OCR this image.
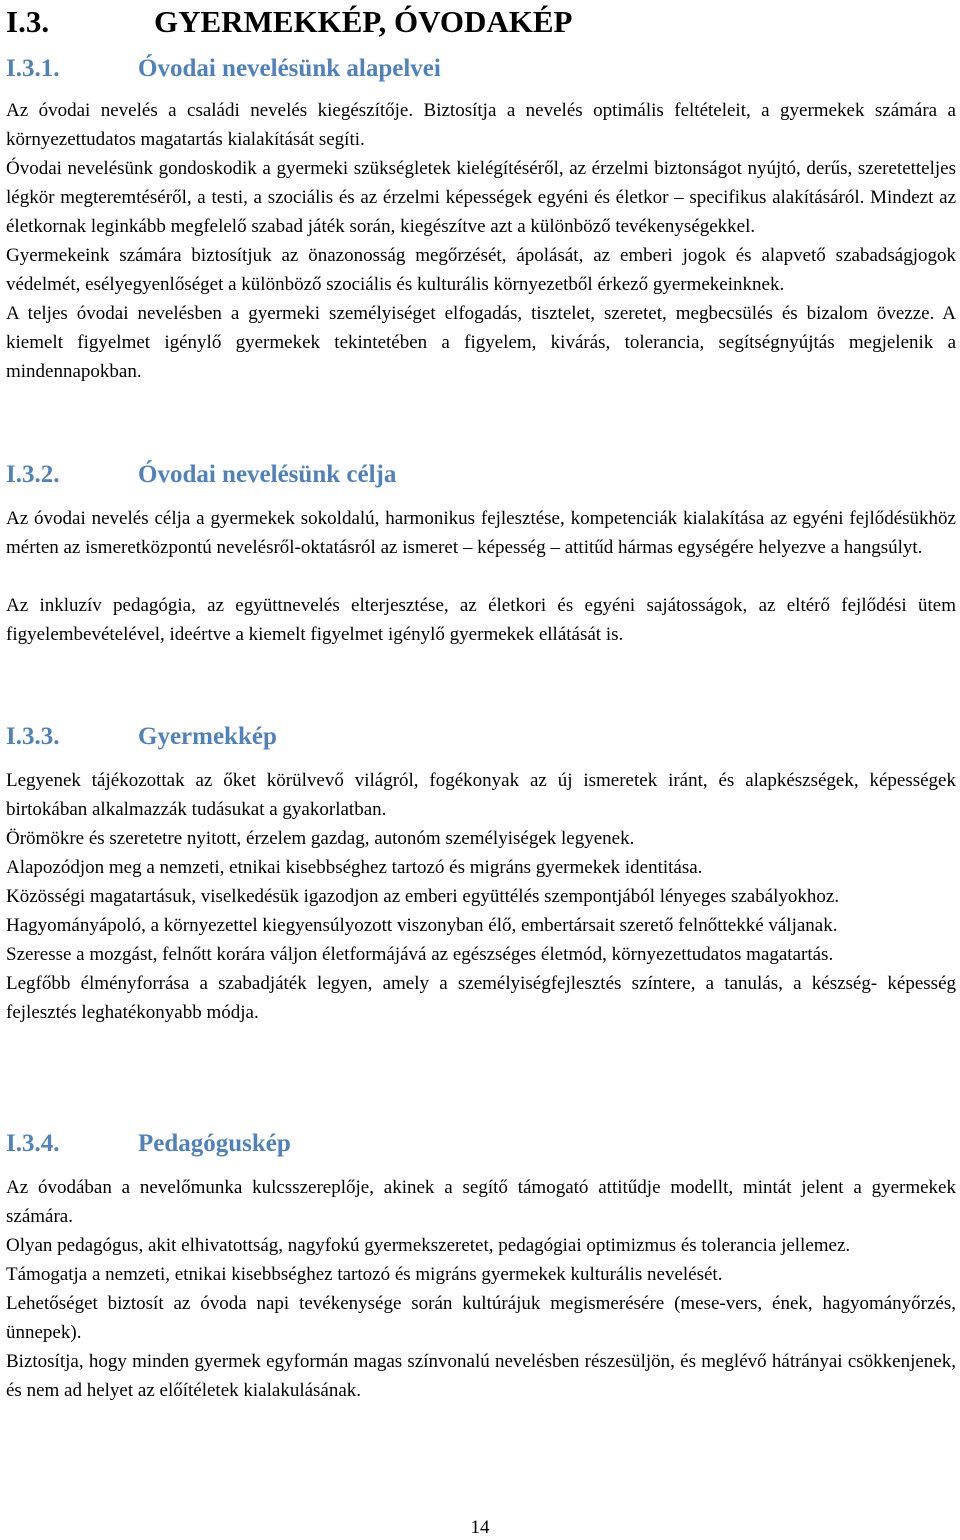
I.3.	GYERMEKKÉP, ÓVODAKÉP
I.3.1.	Óvodai nevelésünk alapelvei

Az óvodai nevelés a családi nevelés kiegészítője. Biztosítja a nevelés optimális feltételeit, a gyermekek számára a környezettudatos magatartás kialakítását segíti.

Óvodai nevelésünk gondoskodik a gyermeki szükségletek kielégítéséről, az érzelmi biztonságot nyújtó, derűs, szeretetteljes légkör megteremtéséről, a testi, a szociális és az érzelmi képességek egyéni és életkor – specifikus alakításáról. Mindezt az életkornak leginkább megfelelő szabad játék során, kiegészítve azt a különböző tevékenységekkel.

Gyermekeink számára biztosítjuk az önazonosság megőrzését, ápolását, az emberi jogok és alapvető szabadságjogok védelmét, esélyegyenlőséget a különböző szociális és kulturális környezetből érkező gyermekeinknek.

A teljes óvodai nevelésben a gyermeki személyiséget elfogadás, tisztelet, szeretet, megbecsülés és bizalom övezze. A kiemelt figyelmet igénylő gyermekek tekintetében a figyelem, kivárás, tolerancia, segítségnyújtás megjelenik a mindennapokban.

I.3.2.	Óvodai nevelésünk célja

Az óvodai nevelés célja a gyermekek sokoldalú, harmonikus fejlesztése, kompetenciák kialakítása az egyéni fejlődésükhöz mérten az ismeretközpontú nevelésről-oktatásról az ismeret – képesség – attitűd hármas egységére helyezve a hangsúlyt.

Az inkluzív pedagógia, az együttnevelés elterjesztése, az életkori és egyéni sajátosságok, az eltérő fejlődési ütem figyelembevételével, ideértve a kiemelt figyelmet igénylő gyermekek ellátását is.

I.3.3.	Gyermekkép

Legyenek tájékozottak az őket körülvevő világról, fogékonyak az új ismeretek iránt, és alapkészségek, képességek birtokában alkalmazzák tudásukat a gyakorlatban.

Örömökre és szeretetre nyitott, érzelem gazdag, autonóm személyiségek legyenek.

Alapozódjon meg a nemzeti, etnikai kisebbséghez tartozó és migráns gyermekek identitása.

Közösségi magatartásuk, viselkedésük igazodjon az emberi együttélés szempontjából lényeges szabályokhoz.

Hagyományápoló, a környezettel kiegyensúlyozott viszonyban élő, embertársait szerető felnőttekké váljanak.

Szeresse a mozgást, felnőtt korára váljon életformájává az egészséges életmód, környezettudatos magatartás.

Legfőbb élményforrása a szabadjáték legyen, amely a személyiségfejlesztés színtere, a tanulás, a készség- képesség fejlesztés leghatékonyabb módja.

I.3.4.	Pedagóguskép

Az óvodában a nevelőmunka kulcsszereplője, akinek a segítő támogató attitűdje modellt, mintát jelent a gyermekek számára.

Olyan pedagógus, akit elhivatottság, nagyfokú gyermekszeretet, pedagógiai optimizmus és tolerancia jellemez.

Támogatja a nemzeti, etnikai kisebbséghez tartozó és migráns gyermekek kulturális nevelését.

Lehetőséget biztosít az óvoda napi tevékenysége során kultúrájuk megismerésére (mese-vers, ének, hagyományőrzés, ünnepek).

Biztosítja, hogy minden gyermek egyformán magas színvonalú nevelésben részesüljön, és meglévő hátrányai csökkenjenek, és nem ad helyet az előítéletek kialakulásának.

14
